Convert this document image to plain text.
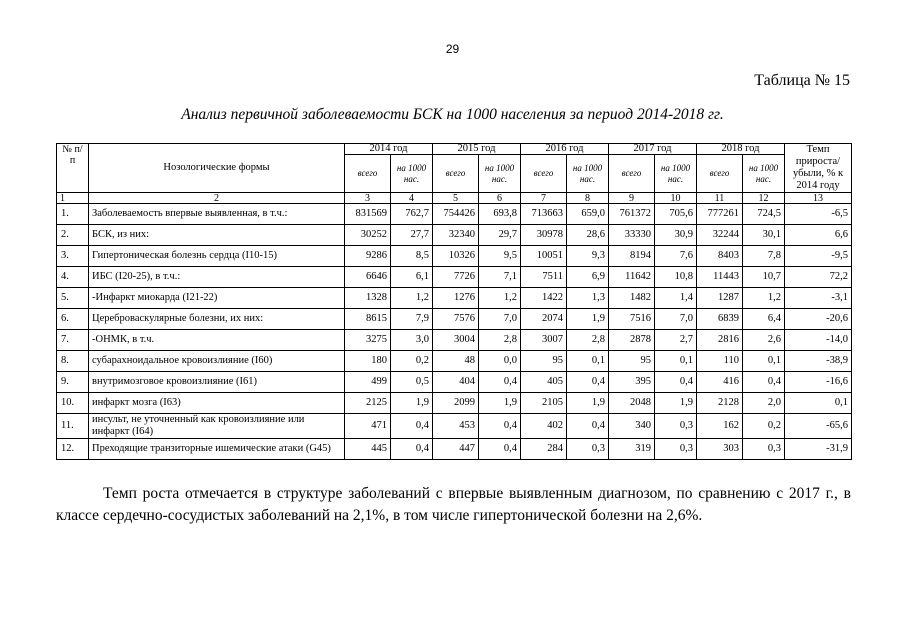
29
Таблица № 15
Анализ первичной заболеваемости БСК на 1000 населения за период 2014-2018 гг.
№ п/п	Нозологические формы	2014 год		2015 год		2016 год		2017 год		2018 год		Темп прироста/ убыли, % к 2014 году
		всего	на 1000 нас.	всего	на 1000 нас.	всего	на 1000 нас.	всего	на 1000 нас.	всего	на 1000 нас.	
1	2	3	4	5	6	7	8	9	10	11	12	13
1.	Заболеваемость впервые выявленная, в т.ч.:	831569	762,7	754426	693,8	713663	659,0	761372	705,6	777261	724,5	-6,5
2.	БСК, из них:	30252	27,7	32340	29,7	30978	28,6	33330	30,9	32244	30,1	6,6
3.	Гипертоническая болезнь сердца (I10-15)	9286	8,5	10326	9,5	10051	9,3	8194	7,6	8403	7,8	-9,5
4.	ИБС (I20-25), в т.ч.:	6646	6,1	7726	7,1	7511	6,9	11642	10,8	11443	10,7	72,2
5.	-Инфаркт миокарда (I21-22)	1328	1,2	1276	1,2	1422	1,3	1482	1,4	1287	1,2	-3,1
6.	Цереброваскулярные болезни, их них:	8615	7,9	7576	7,0	2074	1,9	7516	7,0	6839	6,4	-20,6
7.	-ОНМК, в т.ч.	3275	3,0	3004	2,8	3007	2,8	2878	2,7	2816	2,6	-14,0
8.	субарахноидальное кровоизлияние (I60)	180	0,2	48	0,0	95	0,1	95	0,1	110	0,1	-38,9
9.	внутримозговое кровоизлияние (I61)	499	0,5	404	0,4	405	0,4	395	0,4	416	0,4	-16,6
10.	инфаркт мозга (I63)	2125	1,9	2099	1,9	2105	1,9	2048	1,9	2128	2,0	0,1
11.	инсульт, не уточненный как кровоизлияние или инфаркт (I64)	471	0,4	453	0,4	402	0,4	340	0,3	162	0,2	-65,6
12.	Преходящие транзиторные ишемические атаки (G45)	445	0,4	447	0,4	284	0,3	319	0,3	303	0,3	-31,9
Темп роста отмечается в структуре заболеваний с впервые выявленным диагнозом, по сравнению с 2017 г., в классе сердечно-сосудистых заболеваний на 2,1%, в том числе гипертонической болезни на 2,6%.
